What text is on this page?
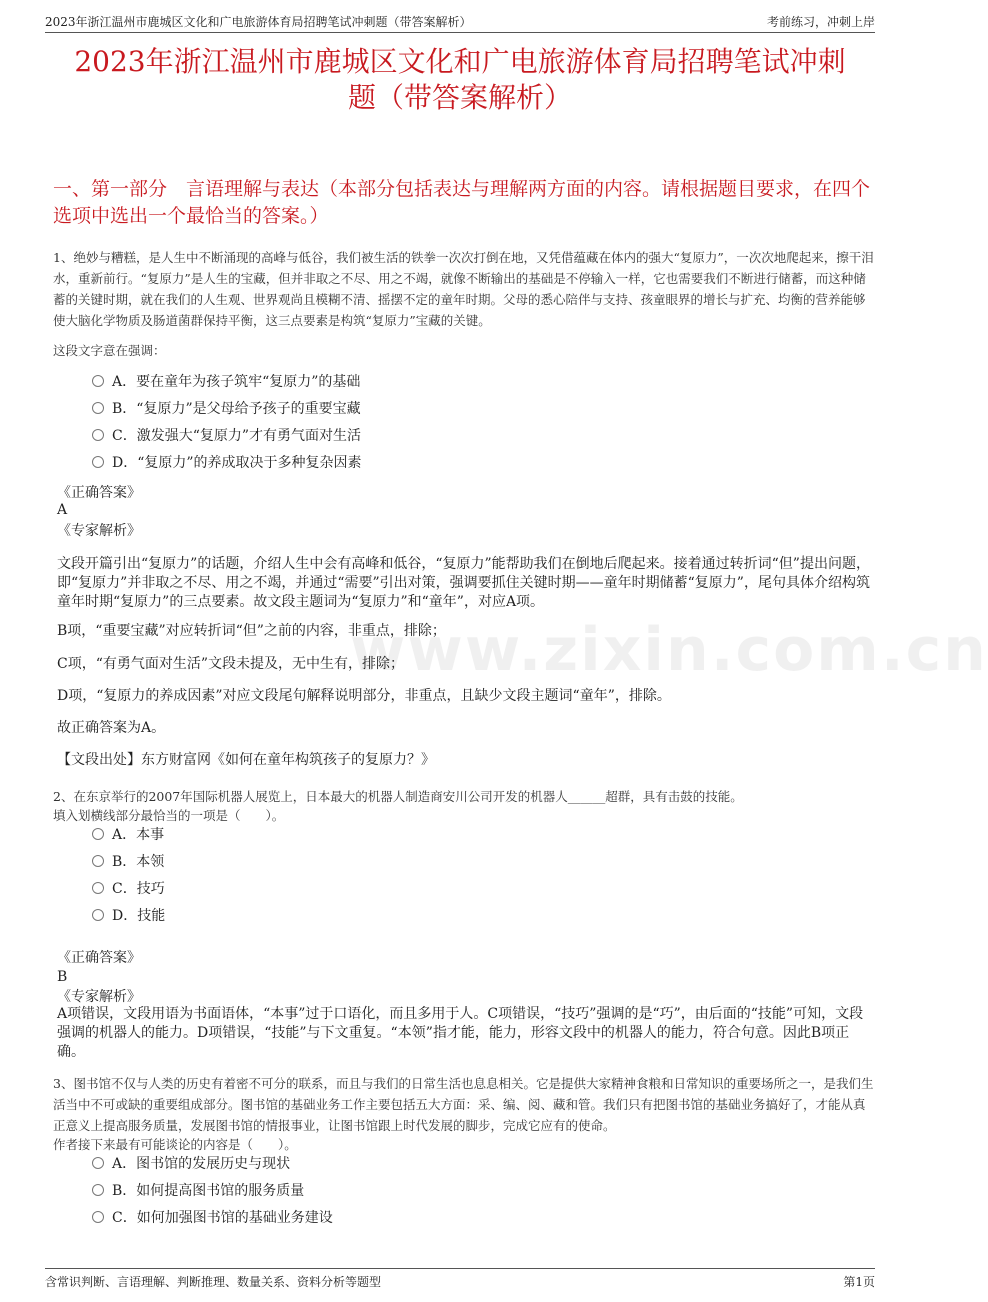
2023年浙江温州市鹿城区文化和广电旅游体育局招聘笔试冲刺题（带答案解析）	考前练习，冲刺上岸
2023年浙江温州市鹿城区文化和广电旅游体育局招聘笔试冲刺
题（带答案解析）
一、第一部分　言语理解与表达（本部分包括表达与理解两方面的内容。请根据题目要求，在四个选项中选出一个最恰当的答案。）
www.zixin.com.cn
1、绝妙与糟糕，是人生中不断涌现的高峰与低谷，我们被生活的铁拳一次次打倒在地，又凭借蕴藏在体内的强大“复原力”，一次次地爬起来，擦干泪水，重新前行。“复原力”是人生的宝藏，但并非取之不尽、用之不竭，就像不断输出的基础是不停输入一样，它也需要我们不断进行储蓄，而这种储蓄的关键时期，就在我们的人生观、世界观尚且模糊不清、摇摆不定的童年时期。父母的悉心陪伴与支持、孩童眼界的增长与扩充、均衡的营养能够使大脑化学物质及肠道菌群保持平衡，这三点要素是构筑“复原力”宝藏的关键。
这段文字意在强调：
A．要在童年为孩子筑牢“复原力”的基础
B．“复原力”是父母给予孩子的重要宝藏
C．激发强大“复原力”才有勇气面对生活
D．“复原力”的养成取决于多种复杂因素
《正确答案》
A
《专家解析》
文段开篇引出“复原力”的话题，介绍人生中会有高峰和低谷，“复原力”能帮助我们在倒地后爬起来。接着通过转折词“但”提出问题，即“复原力”并非取之不尽、用之不竭，并通过“需要”引出对策，强调要抓住关键时期——童年时期储蓄“复原力”，尾句具体介绍构筑童年时期“复原力”的三点要素。故文段主题词为“复原力”和“童年”，对应A项。
B项，“重要宝藏”对应转折词“但”之前的内容，非重点，排除；
C项，“有勇气面对生活”文段未提及，无中生有，排除；
D项，“复原力的养成因素”对应文段尾句解释说明部分，非重点，且缺少文段主题词“童年”，排除。
故正确答案为A。
【文段出处】东方财富网《如何在童年构筑孩子的复原力？》
2、在东京举行的2007年国际机器人展览上，日本最大的机器人制造商安川公司开发的机器人______超群，具有击鼓的技能。
填入划横线部分最恰当的一项是（　　）。
A．本事
B．本领
C．技巧
D．技能
《正确答案》
B
《专家解析》
A项错误，文段用语为书面语体，“本事”过于口语化，而且多用于人。C项错误，“技巧”强调的是“巧”，由后面的“技能”可知，文段强调的机器人的能力。D项错误，“技能”与下文重复。“本领”指才能，能力，形容文段中的机器人的能力，符合句意。因此B项正确。
3、图书馆不仅与人类的历史有着密不可分的联系，而且与我们的日常生活也息息相关。它是提供大家精神食粮和日常知识的重要场所之一，是我们生活当中不可或缺的重要组成部分。图书馆的基础业务工作主要包括五大方面：采、编、阅、藏和管。我们只有把图书馆的基础业务搞好了，才能从真正意义上提高服务质量，发展图书馆的情报事业，让图书馆跟上时代发展的脚步，完成它应有的使命。
作者接下来最有可能谈论的内容是（　　）。
A．图书馆的发展历史与现状
B．如何提高图书馆的服务质量
C．如何加强图书馆的基础业务建设
含常识判断、言语理解、判断推理、数量关系、资料分析等题型	第1页
